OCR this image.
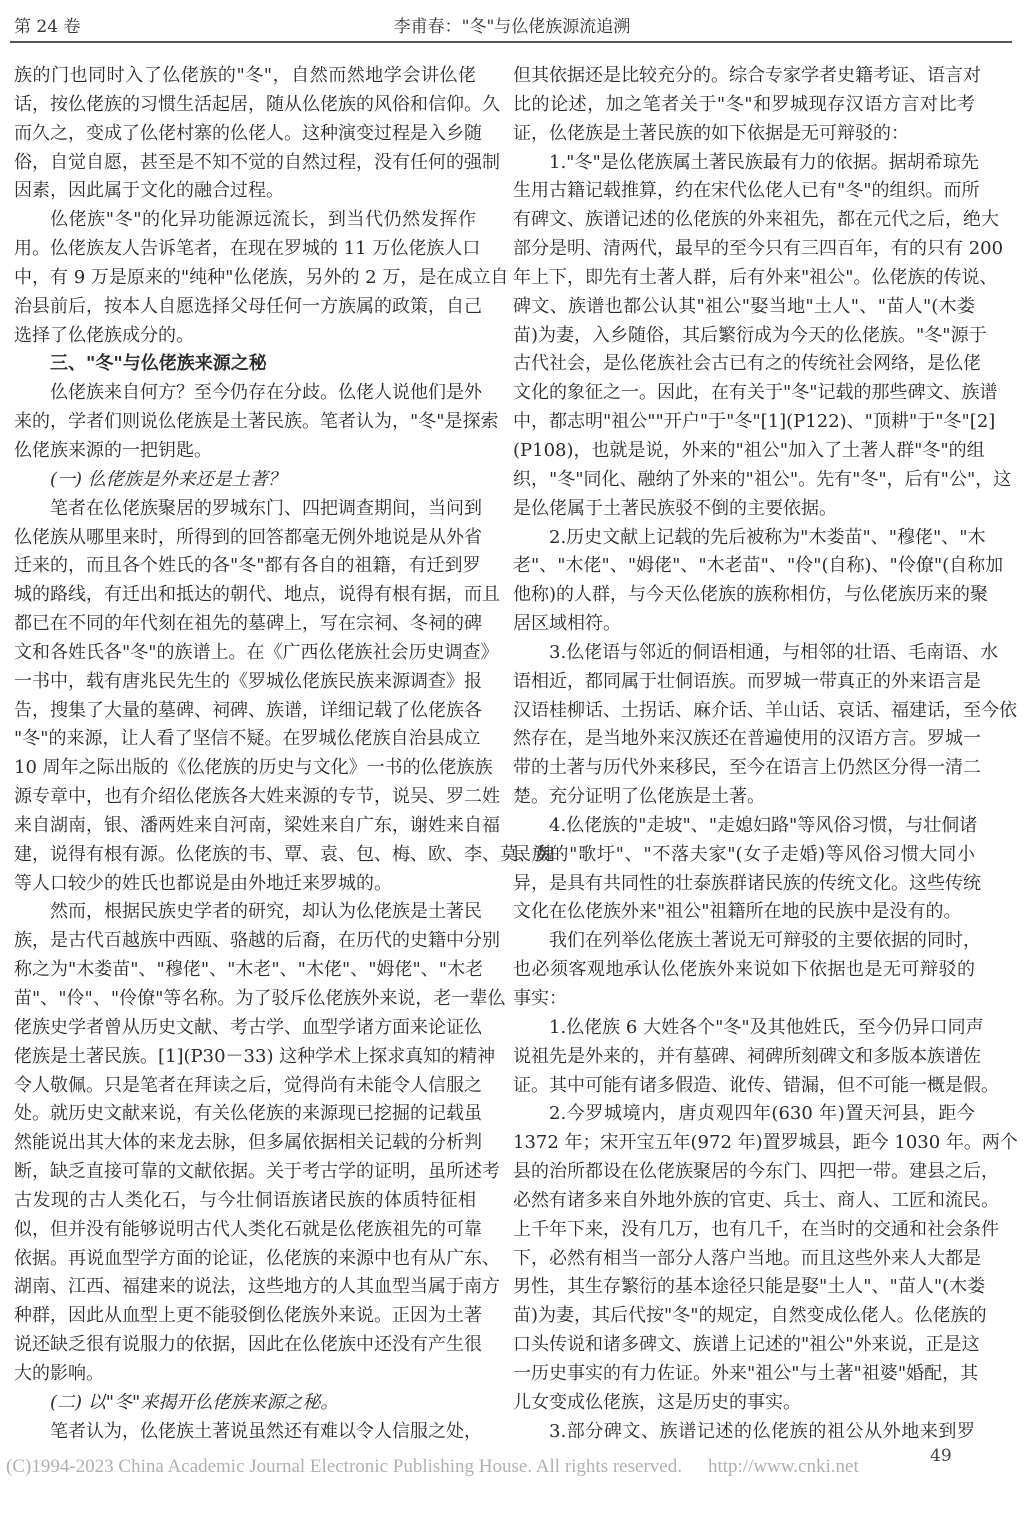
第 24 卷	李甫春："冬"与仫佬族源流追溯
族的门也同时入了仫佬族的"冬"，自然而然地学会讲仫佬
话，按仫佬族的习惯生活起居，随从仫佬族的风俗和信仰。久
而久之，变成了仫佬村寨的仫佬人。这种演变过程是入乡随
俗，自觉自愿，甚至是不知不觉的自然过程，没有任何的强制
因素，因此属于文化的融合过程。
仫佬族"冬"的化异功能源远流长，到当代仍然发挥作
用。仫佬族友人告诉笔者，在现在罗城的 11 万仫佬族人口
中，有 9 万是原来的"纯种"仫佬族，另外的 2 万，是在成立自
治县前后，按本人自愿选择父母任何一方族属的政策，自己
选择了仫佬族成分的。
三、"冬"与仫佬族来源之秘
仫佬族来自何方？至今仍存在分歧。仫佬人说他们是外
来的，学者们则说仫佬族是土著民族。笔者认为，"冬"是探索
仫佬族来源的一把钥匙。
(一) 仫佬族是外来还是土著？
笔者在仫佬族聚居的罗城东门、四把调查期间，当问到
仫佬族从哪里来时，所得到的回答都毫无例外地说是从外省
迁来的，而且各个姓氏的各"冬"都有各自的祖籍，有迁到罗
城的路线，有迁出和抵达的朝代、地点，说得有根有据，而且
都已在不同的年代刻在祖先的墓碑上，写在宗祠、冬祠的碑
文和各姓氏各"冬"的族谱上。在《广西仫佬族社会历史调查》
一书中，载有唐兆民先生的《罗城仫佬族民族来源调查》报
告，搜集了大量的墓碑、祠碑、族谱，详细记载了仫佬族各
"冬"的来源，让人看了坚信不疑。在罗城仫佬族自治县成立
10 周年之际出版的《仫佬族的历史与文化》一书的仫佬族族
源专章中，也有介绍仫佬族各大姓来源的专节，说吴、罗二姓
来自湖南，银、潘两姓来自河南，梁姓来自广东，谢姓来自福
建，说得有根有源。仫佬族的韦、覃、袁、包、梅、欧、李、莫、魏
等人口较少的姓氏也都说是由外地迁来罗城的。
然而，根据民族史学者的研究，却认为仫佬族是土著民
族，是古代百越族中西瓯、骆越的后裔，在历代的史籍中分别
称之为"木娄苗"、"穆佬"、"木老"、"木佬"、"姆佬"、"木老
苗"、"伶"、"伶僚"等名称。为了驳斥仫佬族外来说，老一辈仫
佬族史学者曾从历史文献、考古学、血型学诸方面来论证仫
佬族是土著民族。[1](P30－33) 这种学术上探求真知的精神
令人敬佩。只是笔者在拜读之后，觉得尚有未能令人信服之
处。就历史文献来说，有关仫佬族的来源现已挖掘的记载虽
然能说出其大体的来龙去脉，但多属依据相关记载的分析判
断，缺乏直接可靠的文献依据。关于考古学的证明，虽所述考
古发现的古人类化石，与今壮侗语族诸民族的体质特征相
似，但并没有能够说明古代人类化石就是仫佬族祖先的可靠
依据。再说血型学方面的论证，仫佬族的来源中也有从广东、
湖南、江西、福建来的说法，这些地方的人其血型当属于南方
种群，因此从血型上更不能驳倒仫佬族外来说。正因为土著
说还缺乏很有说服力的依据，因此在仫佬族中还没有产生很
大的影响。
(二) 以"冬"来揭开仫佬族来源之秘。
笔者认为，仫佬族土著说虽然还有难以令人信服之处，
但其依据还是比较充分的。综合专家学者史籍考证、语言对
比的论述，加之笔者关于"冬"和罗城现存汉语方言对比考
证，仫佬族是土著民族的如下依据是无可辩驳的：
1."冬"是仫佬族属土著民族最有力的依据。据胡希琼先
生用古籍记载推算，约在宋代仫佬人已有"冬"的组织。而所
有碑文、族谱记述的仫佬族的外来祖先，都在元代之后，绝大
部分是明、清两代，最早的至今只有三四百年，有的只有 200
年上下，即先有土著人群，后有外来"祖公"。仫佬族的传说、
碑文、族谱也都公认其"祖公"娶当地"土人"、"苗人"(木娄
苗)为妻，入乡随俗，其后繁衍成为今天的仫佬族。"冬"源于
古代社会，是仫佬族社会古已有之的传统社会网络，是仫佬
文化的象征之一。因此，在有关于"冬"记载的那些碑文、族谱
中，都志明"祖公""开户"于"冬"[1](P122)、"顶耕"于"冬"[2]
(P108)，也就是说，外来的"祖公"加入了土著人群"冬"的组
织，"冬"同化、融纳了外来的"祖公"。先有"冬"，后有"公"，这
是仫佬属于土著民族驳不倒的主要依据。
2.历史文献上记载的先后被称为"木娄苗"、"穆佬"、"木
老"、"木佬"、"姆佬"、"木老苗"、"伶"(自称)、"伶僚"(自称加
他称)的人群，与今天仫佬族的族称相仿，与仫佬族历来的聚
居区域相符。
3.仫佬语与邻近的侗语相通，与相邻的壮语、毛南语、水
语相近，都同属于壮侗语族。而罗城一带真正的外来语言是
汉语桂柳话、土拐话、麻介话、羊山话、哀话、福建话，至今依
然存在，是当地外来汉族还在普遍使用的汉语方言。罗城一
带的土著与历代外来移民，至今在语言上仍然区分得一清二
楚。充分证明了仫佬族是土著。
4.仫佬族的"走坡"、"走媳妇路"等风俗习惯，与壮侗诸
民族的"歌圩"、"不落夫家"(女子走婚)等风俗习惯大同小
异，是具有共同性的壮泰族群诸民族的传统文化。这些传统
文化在仫佬族外来"祖公"祖籍所在地的民族中是没有的。
我们在列举仫佬族土著说无可辩驳的主要依据的同时，
也必须客观地承认仫佬族外来说如下依据也是无可辩驳的
事实：
1.仫佬族 6 大姓各个"冬"及其他姓氏，至今仍异口同声
说祖先是外来的，并有墓碑、祠碑所刻碑文和多版本族谱佐
证。其中可能有诸多假造、讹传、错漏，但不可能一概是假。
2.今罗城境内，唐贞观四年(630 年)置天河县，距今
1372 年；宋开宝五年(972 年)置罗城县，距今 1030 年。两个
县的治所都设在仫佬族聚居的今东门、四把一带。建县之后，
必然有诸多来自外地外族的官吏、兵士、商人、工匠和流民。
上千年下来，没有几万，也有几千，在当时的交通和社会条件
下，必然有相当一部分人落户当地。而且这些外来人大都是
男性，其生存繁衍的基本途径只能是娶"土人"、"苗人"(木娄
苗)为妻，其后代按"冬"的规定，自然变成仫佬人。仫佬族的
口头传说和诸多碑文、族谱上记述的"祖公"外来说，正是这
一历史事实的有力佐证。外来"祖公"与土著"祖婆"婚配，其
儿女变成仫佬族，这是历史的事实。
3.部分碑文、族谱记述的仫佬族的祖公从外地来到罗
49
(C)1994-2023 China Academic Journal Electronic Publishing House. All rights reserved. http://www.cnki.net
